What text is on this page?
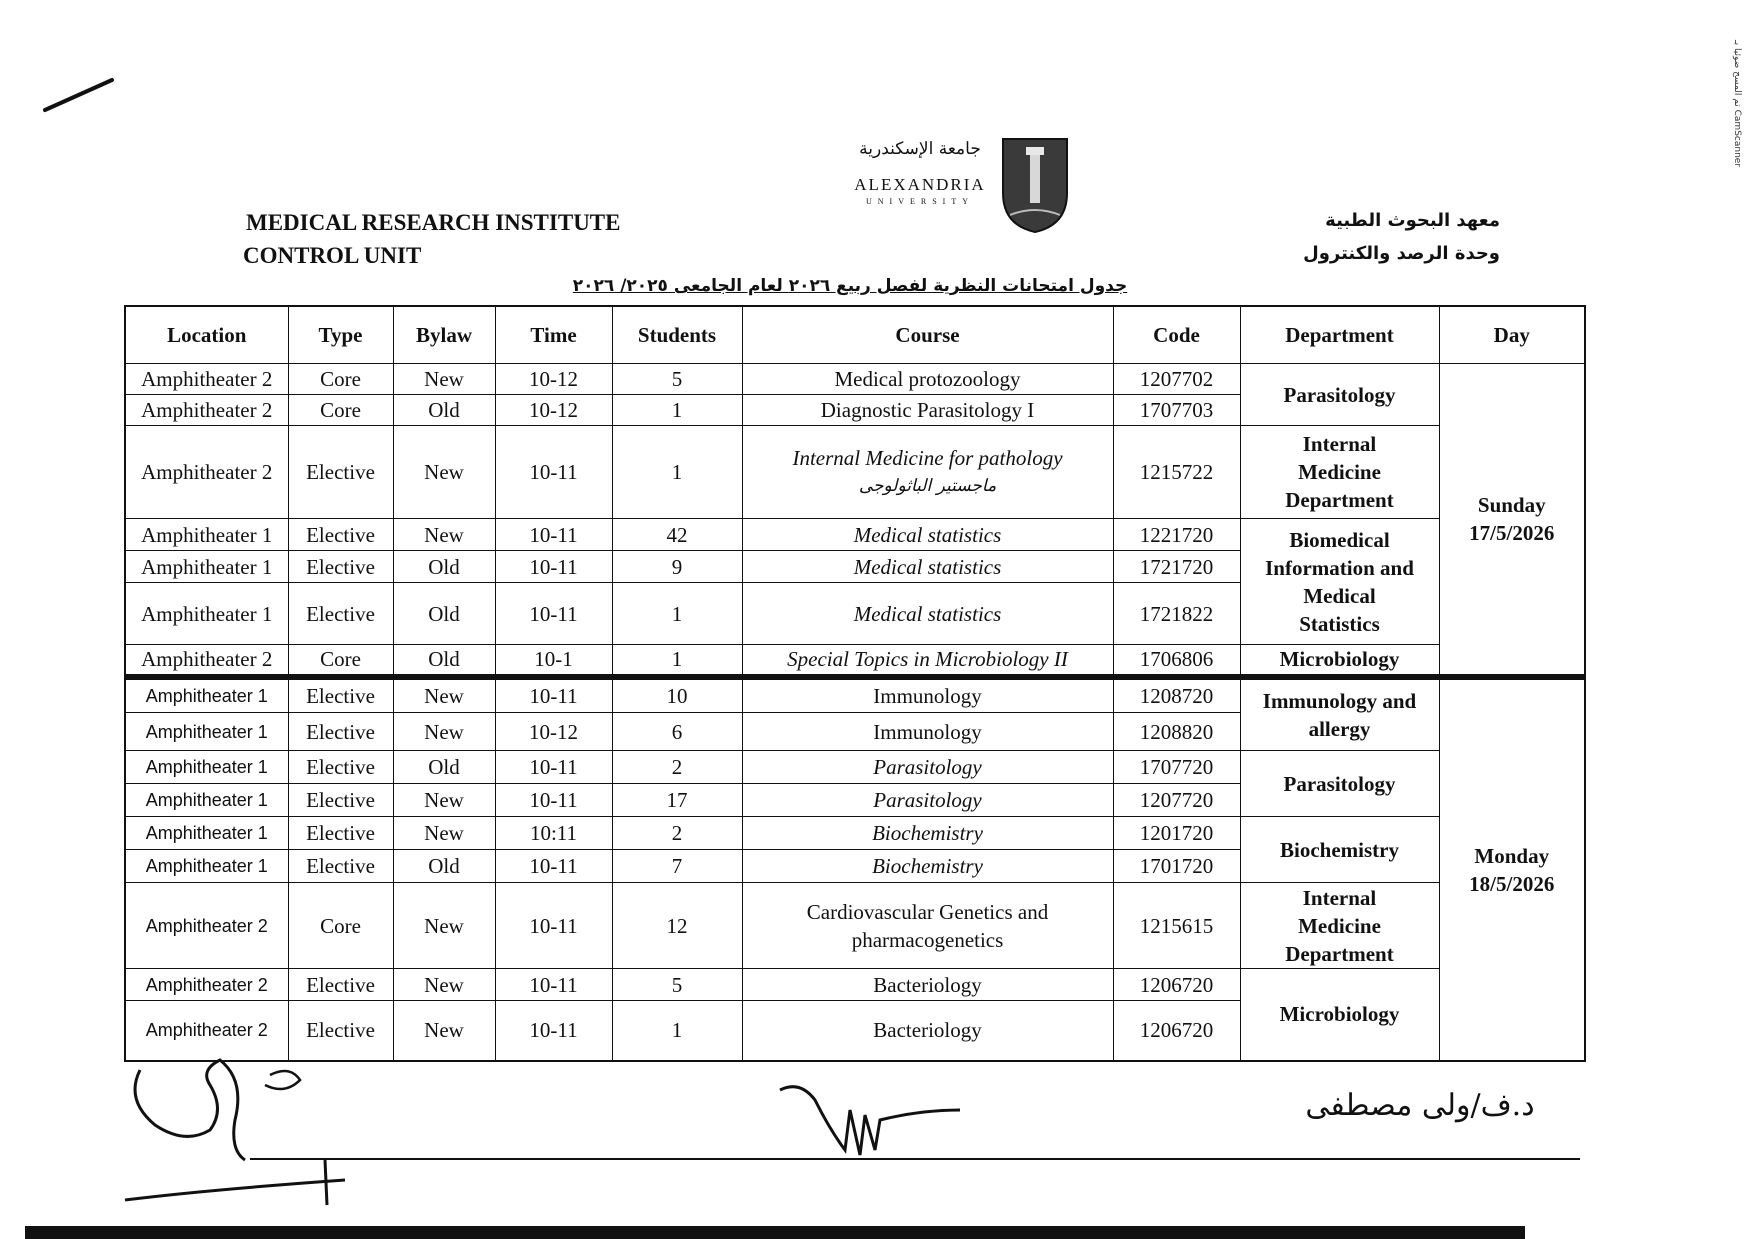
تم المسح ضوئيا بـ CamScanner
MEDICAL RESEARCH INSTITUTE
CONTROL UNIT
معهد البحوث الطبية
وحدة الرصد والكنترول
جامعة الإسكندرية
ALEXANDRIA
UNIVERSITY
جدول امتحانات النظرية لفصل ربيع ٢٠٢٦ لعام الجامعى ٢٠٢٥/ ٢٠٢٦
Location	Type	Bylaw	Time	Students	Course	Code	Department	Day
Amphitheater 2	Core	New	10-12	5	Medical protozoology	1207702	Parasitology	Sunday
17/5/2026
Amphitheater 2	Core	Old	10-12	1	Diagnostic Parasitology I	1707703		
Amphitheater 2	Elective	New	10-11	1	Internal Medicine for pathology
ماجستير الباثولوجى	1215722	Internal
Medicine
Department	
Amphitheater 1	Elective	New	10-11	42	Medical statistics	1221720	Biomedical
Information and
Medical
Statistics	
Amphitheater 1	Elective	Old	10-11	9	Medical statistics	1721720		
Amphitheater 1	Elective	Old	10-11	1	Medical statistics	1721822		
Amphitheater 2	Core	Old	10-1	1	Special Topics in Microbiology II	1706806	Microbiology	
Amphitheater 1	Elective	New	10-11	10	Immunology	1208720	Immunology and
allergy	Monday
18/5/2026
Amphitheater 1	Elective	New	10-12	6	Immunology	1208820		
Amphitheater 1	Elective	Old	10-11	2	Parasitology	1707720	Parasitology	
Amphitheater 1	Elective	New	10-11	17	Parasitology	1207720		
Amphitheater 1	Elective	New	10:11	2	Biochemistry	1201720	Biochemistry	
Amphitheater 1	Elective	Old	10-11	7	Biochemistry	1701720		
Amphitheater 2	Core	New	10-11	12	Cardiovascular Genetics and
pharmacogenetics	1215615	Internal
Medicine
Department	
Amphitheater 2	Elective	New	10-11	5	Bacteriology	1206720	Microbiology	
Amphitheater 2	Elective	New	10-11	1	Bacteriology	1206720		
د.ف/ولى مصطفى
